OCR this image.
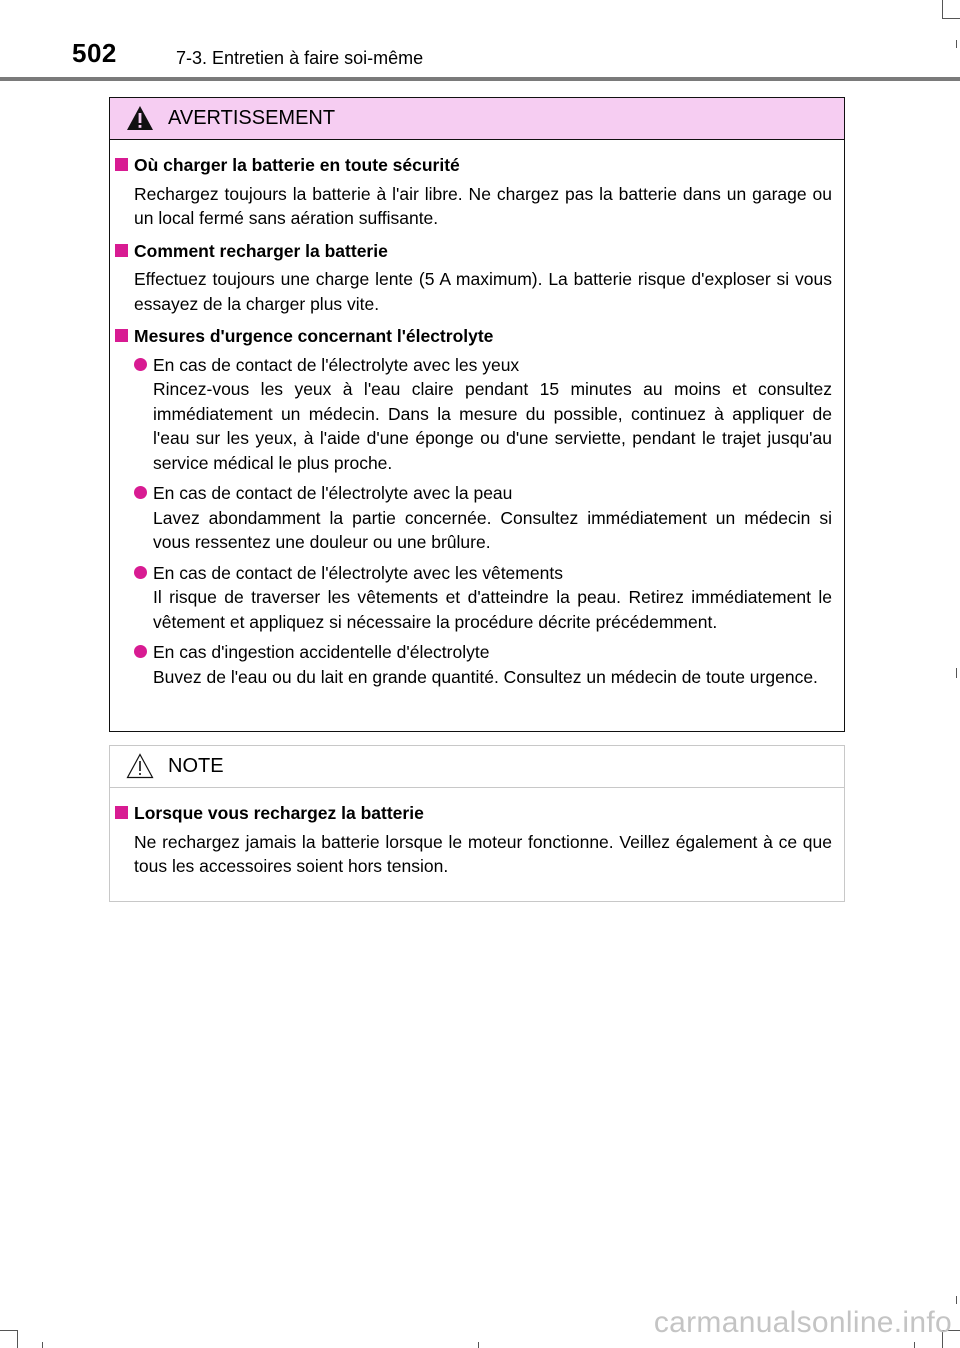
502	7-3. Entretien à faire soi-même
AVERTISSEMENT
Où charger la batterie en toute sécurité
Rechargez toujours la batterie à l'air libre. Ne chargez pas la batterie dans un garage ou un local fermé sans aération suffisante.
Comment recharger la batterie
Effectuez toujours une charge lente (5 A maximum). La batterie risque d'exploser si vous essayez de la charger plus vite.
Mesures d'urgence concernant l'électrolyte
En cas de contact de l'électrolyte avec les yeux
Rincez-vous les yeux à l'eau claire pendant 15 minutes au moins et consultez immédiatement un médecin. Dans la mesure du possible, continuez à appliquer de l'eau sur les yeux, à l'aide d'une éponge ou d'une serviette, pendant le trajet jusqu'au service médical le plus proche.
En cas de contact de l'électrolyte avec la peau
Lavez abondamment la partie concernée. Consultez immédiatement un médecin si vous ressentez une douleur ou une brûlure.
En cas de contact de l'électrolyte avec les vêtements
Il risque de traverser les vêtements et d'atteindre la peau. Retirez immédiatement le vêtement et appliquez si nécessaire la procédure décrite précédemment.
En cas d'ingestion accidentelle d'électrolyte
Buvez de l'eau ou du lait en grande quantité. Consultez un médecin de toute urgence.
NOTE
Lorsque vous rechargez la batterie
Ne rechargez jamais la batterie lorsque le moteur fonctionne. Veillez également à ce que tous les accessoires soient hors tension.
carmanualsonline.info
